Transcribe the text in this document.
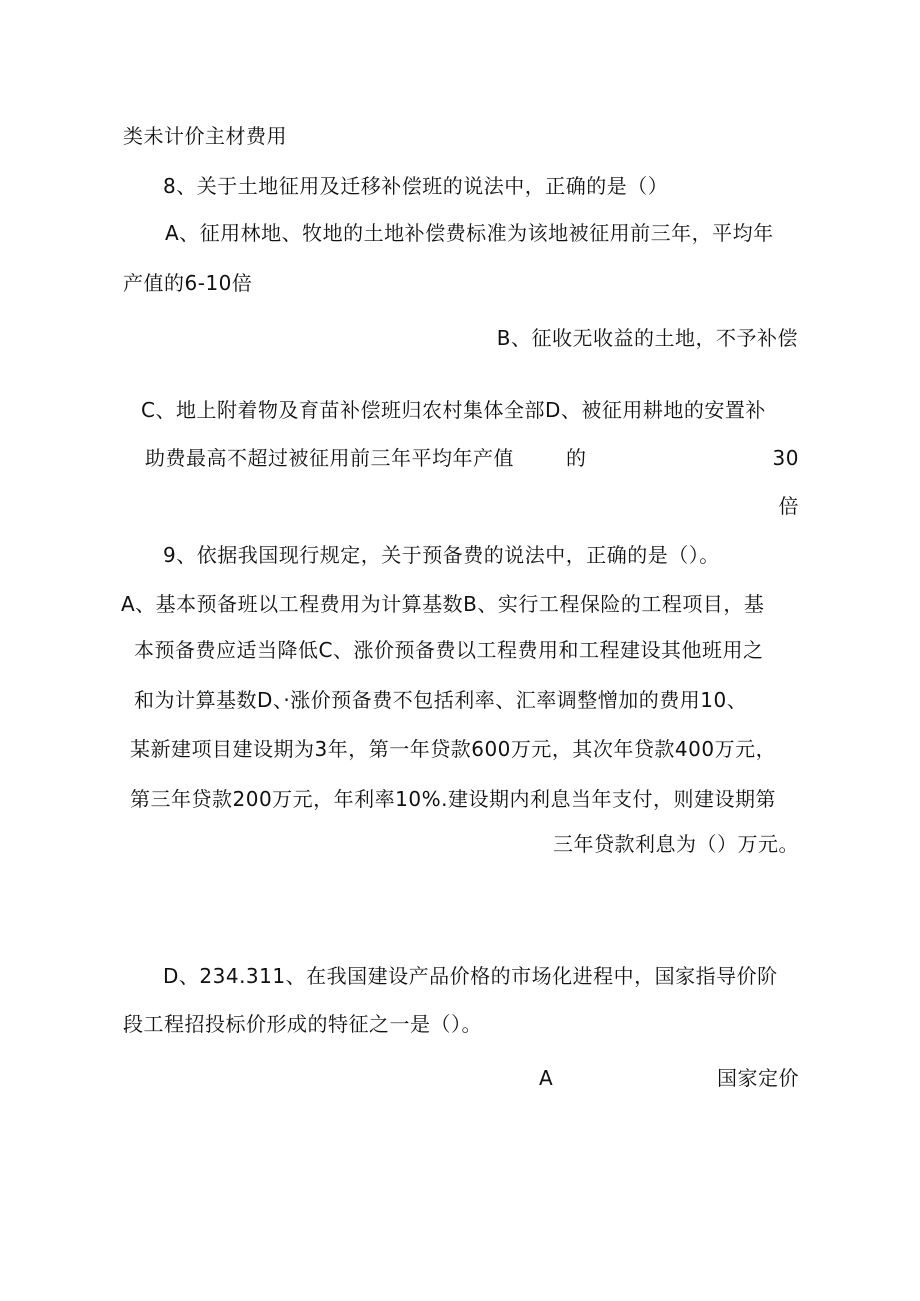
类未计价主材费用
8、关于土地征用及迁移补偿班的说法中，正确的是（）
A、征用林地、牧地的土地补偿费标准为该地被征用前三年，平均年
产值的6-10倍
B、征收无收益的土地，不予补偿
C、地上附着物及育苗补偿班归农村集体全部D、被征用耕地的安置补
助费最高不超过被征用前三年平均年产值	的	30
倍
9、依据我国现行规定，关于预备费的说法中，正确的是（）。
A、基本预备班以工程费用为计算基数B、实行工程保险的工程项目，基
本预备费应适当降低C、涨价预备费以工程费用和工程建设其他班用之
和为计算基数D、·涨价预备费不包括利率、汇率调整憎加的费用10、
某新建项目建设期为3年，第一年贷款600万元，其次年贷款400万元，
第三年贷款200万元，年利率10%.建设期内利息当年支付，则建设期第
三年贷款利息为（）万元。
D、234.311、在我国建设产品价格的市场化进程中，国家指导价阶
段工程招投标价形成的特征之一是（）。
A	国家定价
